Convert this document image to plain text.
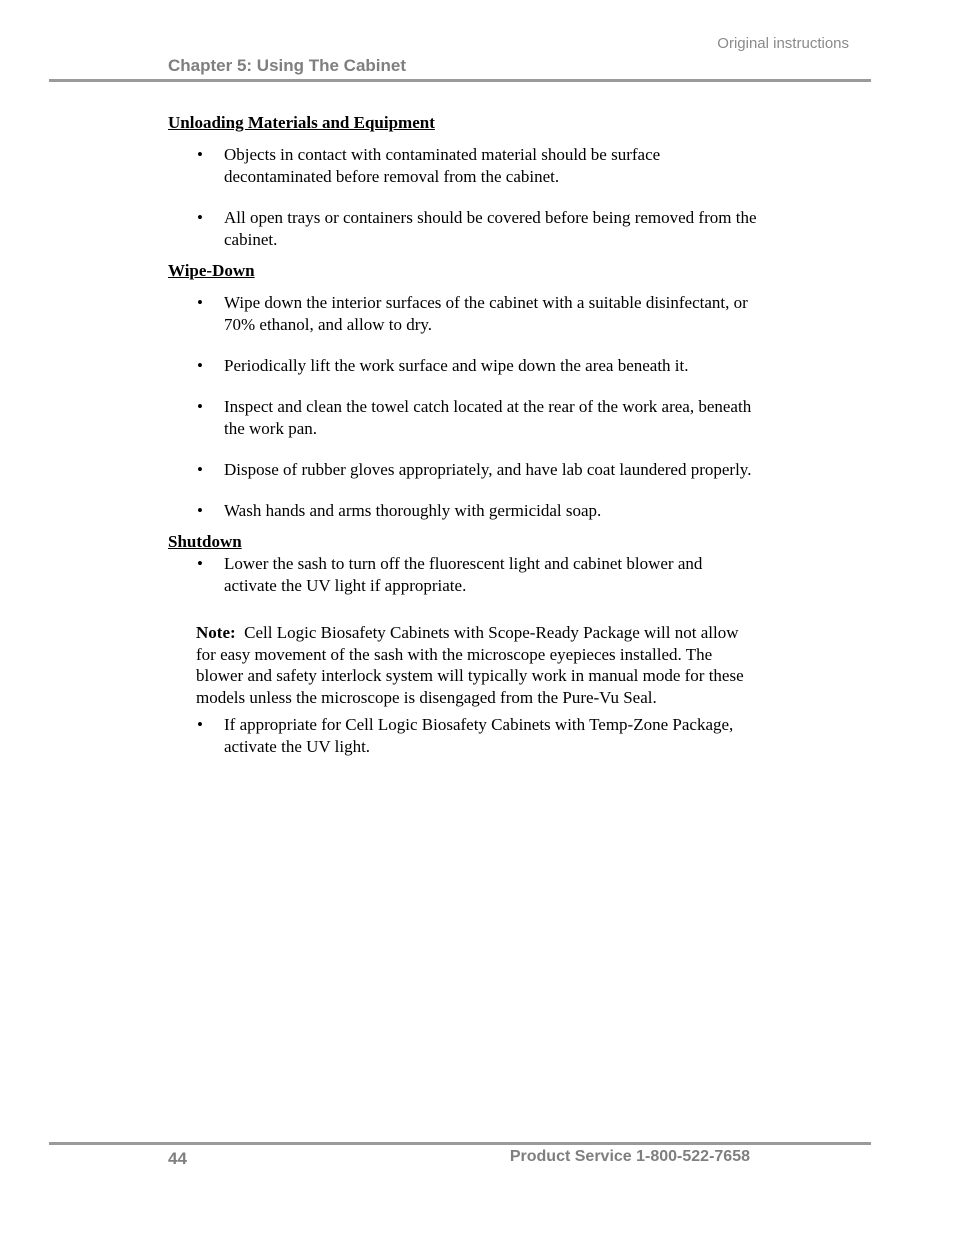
Original instructions
Chapter 5: Using The Cabinet

Unloading Materials and Equipment

• Objects in contact with contaminated material should be surface decontaminated before removal from the cabinet.
• All open trays or containers should be covered before being removed from the cabinet.

Wipe-Down

• Wipe down the interior surfaces of the cabinet with a suitable disinfectant, or 70% ethanol, and allow to dry.
• Periodically lift the work surface and wipe down the area beneath it.
• Inspect and clean the towel catch located at the rear of the work area, beneath the work pan.
• Dispose of rubber gloves appropriately, and have lab coat laundered properly.
• Wash hands and arms thoroughly with germicidal soap.

Shutdown

• Lower the sash to turn off the fluorescent light and cabinet blower and activate the UV light if appropriate.

Note: Cell Logic Biosafety Cabinets with Scope-Ready Package will not allow for easy movement of the sash with the microscope eyepieces installed. The blower and safety interlock system will typically work in manual mode for these models unless the microscope is disengaged from the Pure-Vu Seal.

• If appropriate for Cell Logic Biosafety Cabinets with Temp-Zone Package, activate the UV light.
44	Product Service 1-800-522-7658
